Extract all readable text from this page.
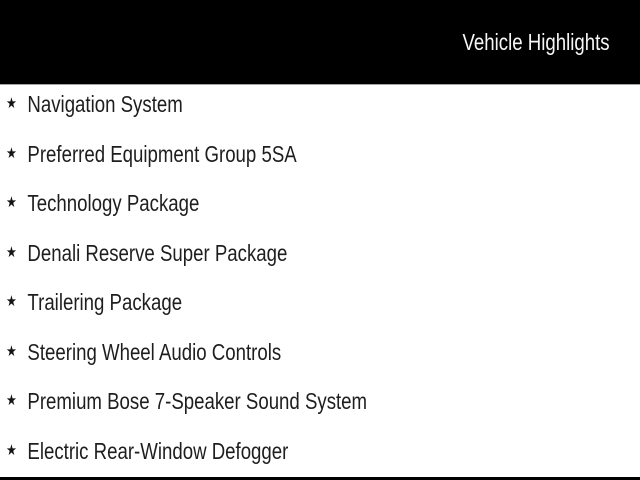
Vehicle Highlights
★ Navigation System
★ Preferred Equipment Group 5SA
★ Technology Package
★ Denali Reserve Super Package
★ Trailering Package
★ Steering Wheel Audio Controls
★ Premium Bose 7-Speaker Sound System
★ Electric Rear-Window Defogger
